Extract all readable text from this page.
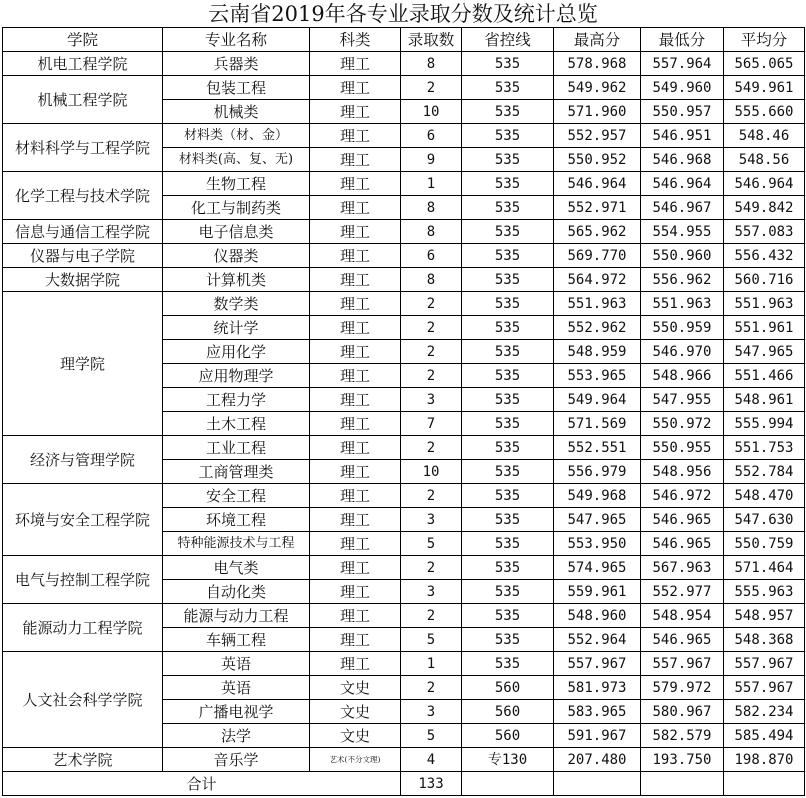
云南省2019年各专业录取分数及统计总览
学院	专业名称	科类	录取数	省控线	最高分	最低分	平均分
机电工程学院	兵器类	理工	8	535	578.968	557.964	565.065
机械工程学院	包装工程	理工	2	535	549.962	549.960	549.961
	机械类	理工	10	535	571.960	550.957	555.660
材料科学与工程学院	材料类（材、金）	理工	6	535	552.957	546.951	548.46
	材料类(高、复、无)	理工	9	535	550.952	546.968	548.56
化学工程与技术学院	生物工程	理工	1	535	546.964	546.964	546.964
	化工与制药类	理工	8	535	552.971	546.967	549.842
信息与通信工程学院	电子信息类	理工	8	535	565.962	554.955	557.083
仪器与电子学院	仪器类	理工	6	535	569.770	550.960	556.432
大数据学院	计算机类	理工	8	535	564.972	556.962	560.716
理学院	数学类	理工	2	535	551.963	551.963	551.963
	统计学	理工	2	535	552.962	550.959	551.961
	应用化学	理工	2	535	548.959	546.970	547.965
	应用物理学	理工	2	535	553.965	548.966	551.466
	工程力学	理工	3	535	549.964	547.955	548.961
	土木工程	理工	7	535	571.569	550.972	555.994
经济与管理学院	工业工程	理工	2	535	552.551	550.955	551.753
	工商管理类	理工	10	535	556.979	548.956	552.784
环境与安全工程学院	安全工程	理工	2	535	549.968	546.972	548.470
	环境工程	理工	3	535	547.965	546.965	547.630
	特种能源技术与工程	理工	5	535	553.950	546.965	550.759
电气与控制工程学院	电气类	理工	2	535	574.965	567.963	571.464
	自动化类	理工	3	535	559.961	552.977	555.963
能源动力工程学院	能源与动力工程	理工	2	535	548.960	548.954	548.957
	车辆工程	理工	5	535	552.964	546.965	548.368
人文社会科学学院	英语	理工	1	535	557.967	557.967	557.967
	英语	文史	2	560	581.973	579.972	557.967
	广播电视学	文史	3	560	583.965	580.967	582.234
	法学	文史	5	560	591.967	582.579	585.494
艺术学院	音乐学	艺术(不分文理)	4	专130	207.480	193.750	198.870
合计			133				
